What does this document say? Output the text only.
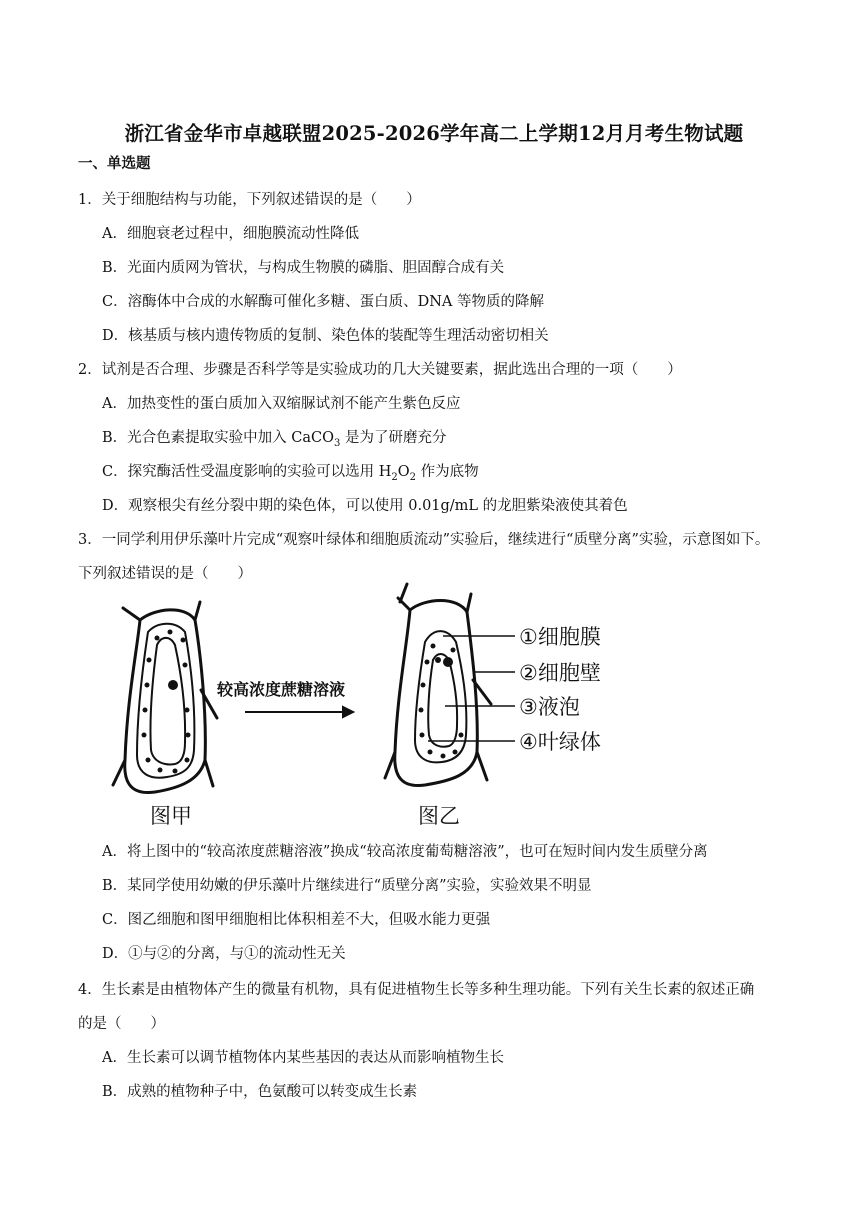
浙江省金华市卓越联盟2025-2026学年高二上学期12月月考生物试题
一、单选题
1．关于细胞结构与功能，下列叙述错误的是（　　）
A．细胞衰老过程中，细胞膜流动性降低
B．光面内质网为管状，与构成生物膜的磷脂、胆固醇合成有关
C．溶酶体中合成的水解酶可催化多糖、蛋白质、DNA 等物质的降解
D．核基质与核内遗传物质的复制、染色体的装配等生理活动密切相关
2．试剂是否合理、步骤是否科学等是实验成功的几大关键要素，据此选出合理的一项（　　）
A．加热变性的蛋白质加入双缩脲试剂不能产生紫色反应
B．光合色素提取实验中加入 CaCO$_3$ 是为了研磨充分
C．探究酶活性受温度影响的实验可以选用 $H_2O_2$ 作为底物
D．观察根尖有丝分裂中期的染色体，可以使用 0.01g/mL 的龙胆紫染液使其着色
3．一同学利用伊乐藻叶片完成“观察叶绿体和细胞质流动”实验后，继续进行“质壁分离”实验，示意图如下。
下列叙述错误的是（　　）
较高浓度蔗糖溶液
①细胞膜
②细胞壁
③液泡
④叶绿体
图甲	图乙
A．将上图中的“较高浓度蔗糖溶液”换成“较高浓度葡萄糖溶液”，也可在短时间内发生质壁分离
B．某同学使用幼嫩的伊乐藻叶片继续进行“质壁分离”实验，实验效果不明显
C．图乙细胞和图甲细胞相比体积相差不大，但吸水能力更强
D．①与②的分离，与①的流动性无关
4．生长素是由植物体产生的微量有机物，具有促进植物生长等多种生理功能。下列有关生长素的叙述正确
的是（　　）
A．生长素可以调节植物体内某些基因的表达从而影响植物生长
B．成熟的植物种子中，色氨酸可以转变成生长素
